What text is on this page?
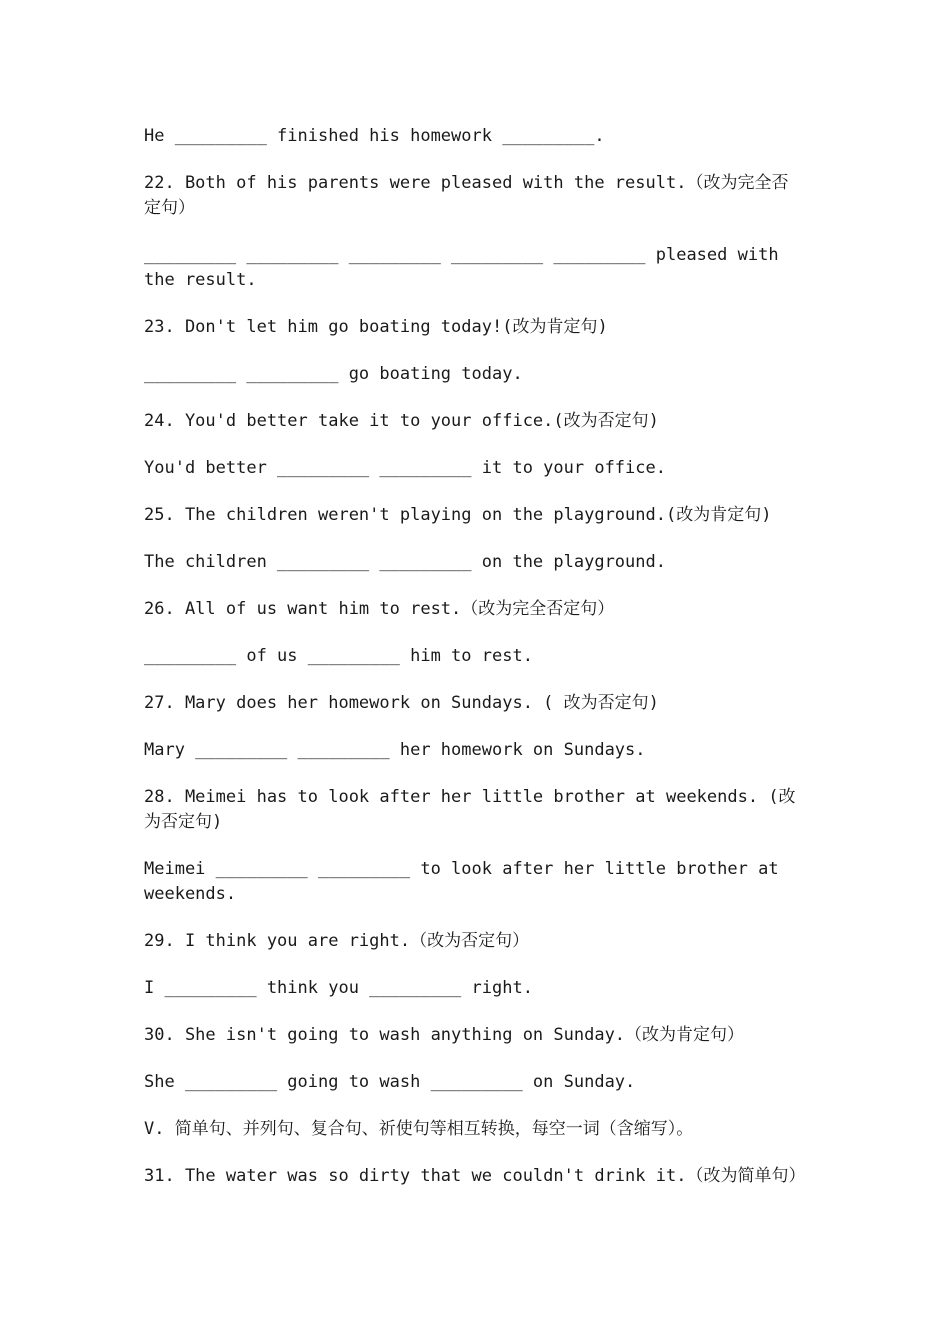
He _________ finished his homework _________.

22. Both of his parents were pleased with the result.（改为完全否定句）

_________ _________ _________ _________ _________ pleased with the result.

23. Don't let him go boating today!(改为肯定句)

_________ _________ go boating today.

24. You'd better take it to your office.(改为否定句)

You'd better _________ _________ it to your office.

25. The children weren't playing on the playground.(改为肯定句)

The children _________ _________ on the playground.

26. All of us want him to rest.（改为完全否定句）

_________ of us _________ him to rest.

27. Mary does her homework on Sundays. ( 改为否定句)

Mary _________ _________ her homework on Sundays.

28. Meimei has to look after her little brother at weekends. (改为否定句)

Meimei _________ _________ to look after her little brother at weekends.

29. I think you are right.（改为否定句）

I _________ think you _________ right.

30. She isn't going to wash anything on Sunday.（改为肯定句）

She _________ going to wash _________ on Sunday.

V. 简单句、并列句、复合句、祈使句等相互转换，每空一词（含缩写）。

31. The water was so dirty that we couldn't drink it.（改为简单句）
